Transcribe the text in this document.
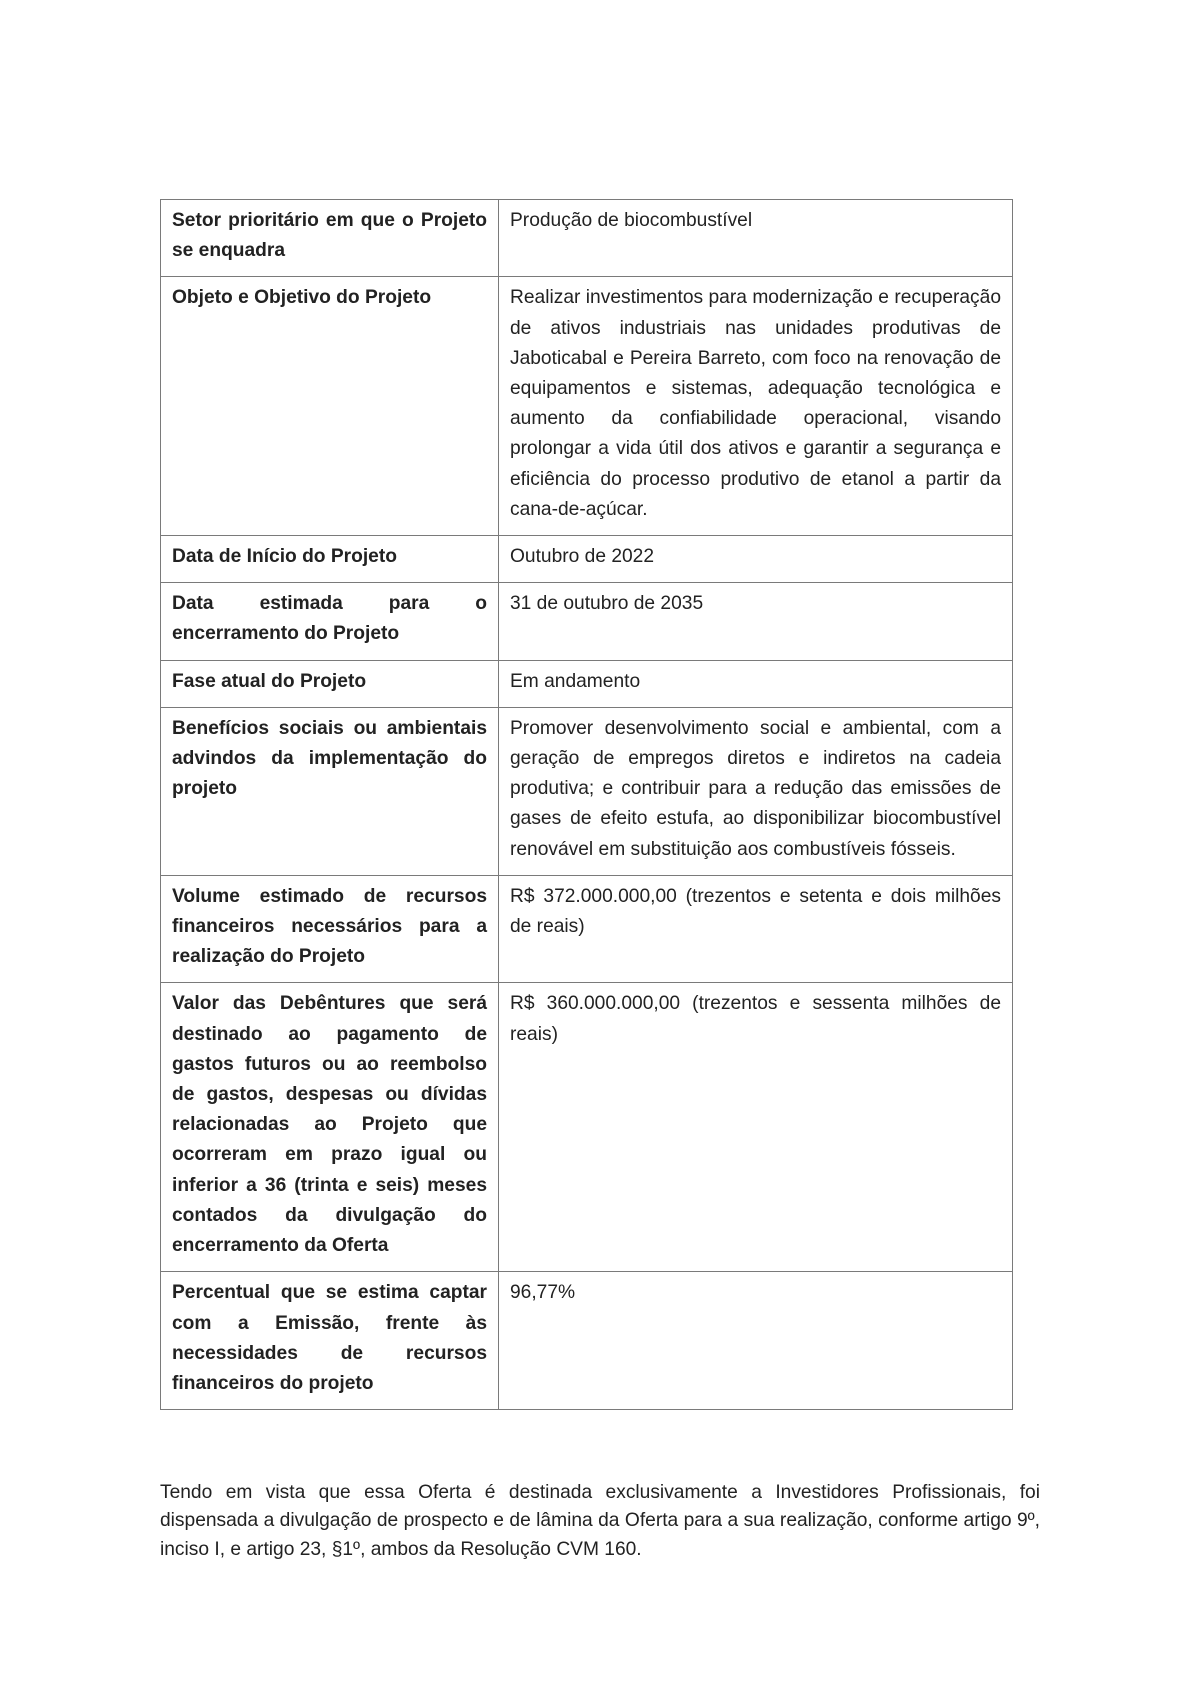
Setor prioritário em que o Projeto se enquadra	Produção de biocombustível
Objeto e Objetivo do Projeto	Realizar investimentos para modernização e recuperação de ativos industriais nas unidades produtivas de Jaboticabal e Pereira Barreto, com foco na renovação de equipamentos e sistemas, adequação tecnológica e aumento da confiabilidade operacional, visando prolongar a vida útil dos ativos e garantir a segurança e eficiência do processo produtivo de etanol a partir da cana-de-açúcar.
Data de Início do Projeto	Outubro de 2022
Data estimada para o encerramento do Projeto	31 de outubro de 2035
Fase atual do Projeto	Em andamento
Benefícios sociais ou ambientais advindos da implementação do projeto	Promover desenvolvimento social e ambiental, com a geração de empregos diretos e indiretos na cadeia produtiva; e contribuir para a redução das emissões de gases de efeito estufa, ao disponibilizar biocombustível renovável em substituição aos combustíveis fósseis.
Volume estimado de recursos financeiros necessários para a realização do Projeto	R$ 372.000.000,00 (trezentos e setenta e dois milhões de reais)
Valor das Debêntures que será destinado ao pagamento de gastos futuros ou ao reembolso de gastos, despesas ou dívidas relacionadas ao Projeto que ocorreram em prazo igual ou inferior a 36 (trinta e seis) meses contados da divulgação do encerramento da Oferta	R$ 360.000.000,00 (trezentos e sessenta milhões de reais)
Percentual que se estima captar com a Emissão, frente às necessidades de recursos financeiros do projeto	96,77%

Tendo em vista que essa Oferta é destinada exclusivamente a Investidores Profissionais, foi dispensada a divulgação de prospecto e de lâmina da Oferta para a sua realização, conforme artigo 9º, inciso I, e artigo 23, §1º, ambos da Resolução CVM 160.
